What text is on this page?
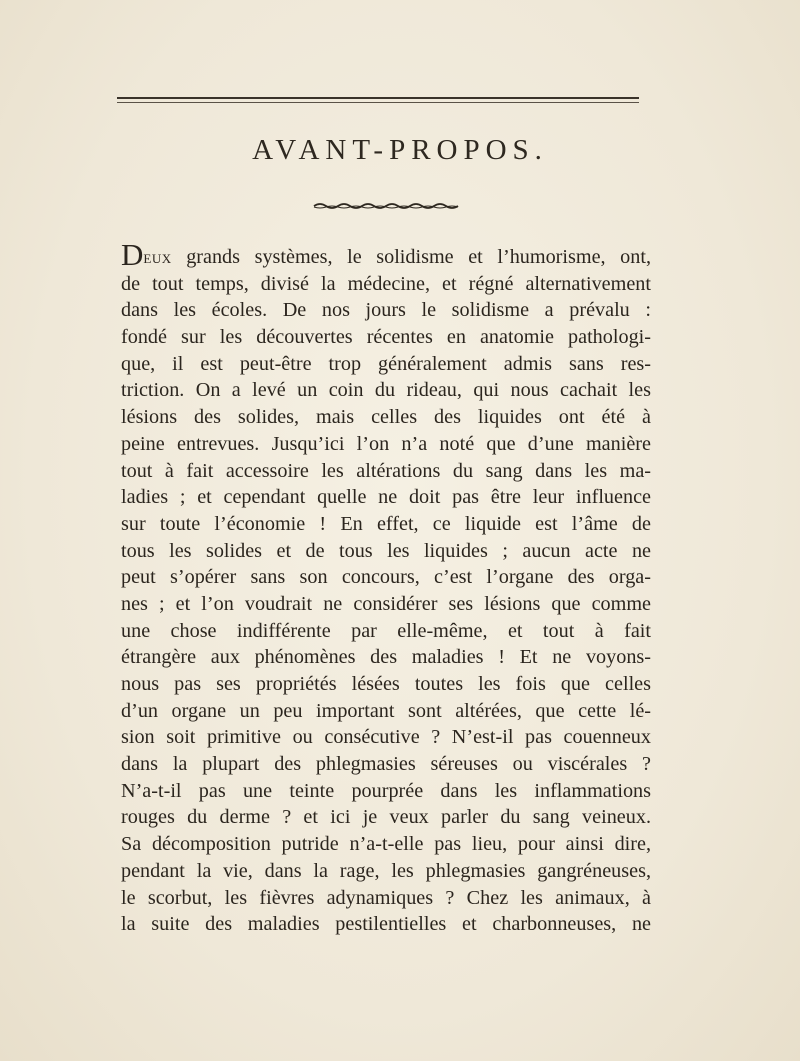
AVANT-PROPOS.
Deux grands systèmes, le solidisme et l’humorisme, ont,
de tout temps, divisé la médecine, et régné alternativement
dans les écoles. De nos jours le solidisme a prévalu :
fondé sur les découvertes récentes en anatomie pathologi-
que, il est peut-être trop généralement admis sans res-
triction. On a levé un coin du rideau, qui nous cachait les
lésions des solides, mais celles des liquides ont été à
peine entrevues. Jusqu’ici l’on n’a noté que d’une manière
tout à fait accessoire les altérations du sang dans les ma-
ladies ; et cependant quelle ne doit pas être leur influence
sur toute l’économie ! En effet, ce liquide est l’âme de
tous les solides et de tous les liquides ; aucun acte ne
peut s’opérer sans son concours, c’est l’organe des orga-
nes ; et l’on voudrait ne considérer ses lésions que comme
une chose indifférente par elle-même, et tout à fait
étrangère aux phénomènes des maladies ! Et ne voyons-
nous pas ses propriétés lésées toutes les fois que celles
d’un organe un peu important sont altérées, que cette lé-
sion soit primitive ou consécutive ? N’est-il pas couenneux
dans la plupart des phlegmasies séreuses ou viscérales ?
N’a-t-il pas une teinte pourprée dans les inflammations
rouges du derme ? et ici je veux parler du sang veineux.
Sa décomposition putride n’a-t-elle pas lieu, pour ainsi dire,
pendant la vie, dans la rage, les phlegmasies gangréneuses,
le scorbut, les fièvres adynamiques ? Chez les animaux, à
la suite des maladies pestilentielles et charbonneuses, ne
